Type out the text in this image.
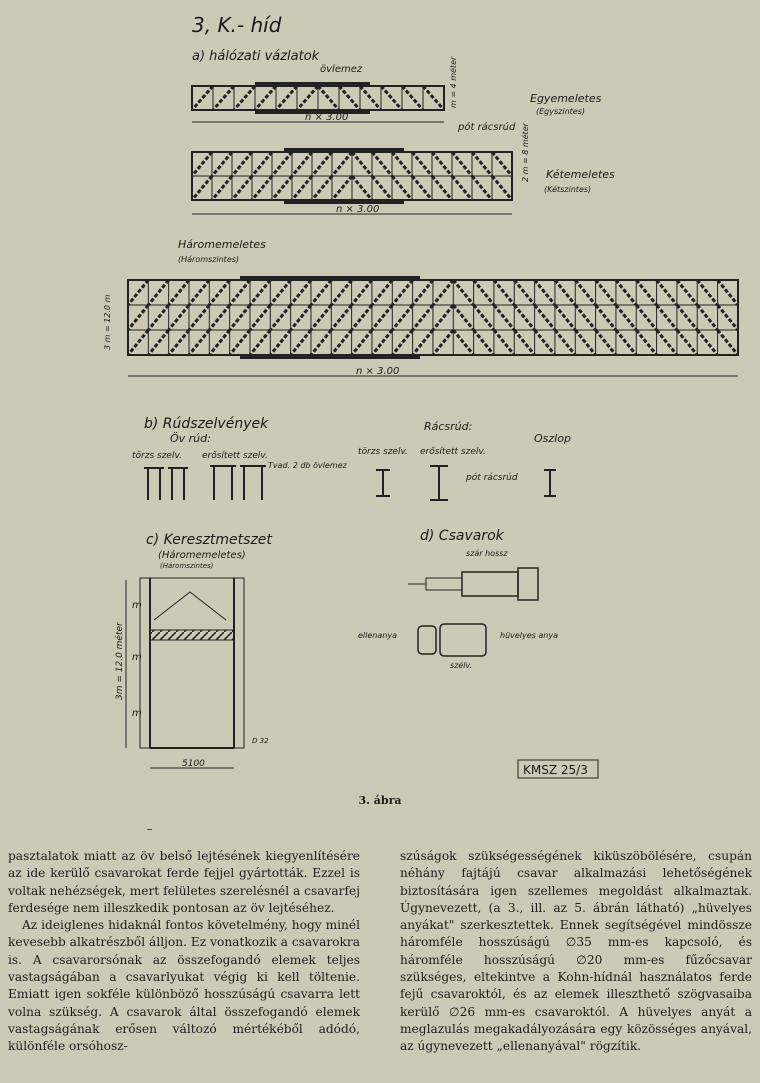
3, K.- híd
a) hálózati vázlatok
övlemez
Egyemeletes
(Egyszintes)
m = 4 méter
pót rácsrúd
n × 3.00
Kétemeletes
(Kétszintes)
2 m = 8 méter
n × 3.00
Háromemeletes
(Háromszintes)
3 m = 12.0 m
n × 3.00
b) Rúdszelvények
Öv rúd:
törzs szelv. erősített szelv.
Tvad. 2 db övlemez
Rácsrúd:
törzs szelv. erősített szelv.
pót rácsrúd
Oszlop
c) Keresztmetszet
(Háromemeletes)
(Háromszintes)
3m = 12.0 méter
m
m
m
D 32
5100
d) Csavarok
szár hossz
ellenanya	hüvelyes anya
szélv.
KMSZ 25/3
3. ábra

pasztalatok miatt az öv belső lejtésének kiegyenlítésére az ide kerülő csavarokat ferde fejjel gyártották. Ezzel is voltak nehézségek, mert felületes szerelésnél a csavarfej ferdesége nem illeszkedik pontosan az öv lejtéséhez.

Az ideiglenes hidaknál fontos követelmény, hogy minél kevesebb alkatrészből álljon. Ez vonatkozik a csavarokra is. A csavarorsónak az összefogandó elemek teljes vastagságában a csavarlyukat végig ki kell töltenie. Emiatt igen sokféle különböző hosszúságú csavarra lett volna szükség. A csavarok által összefogandó elemek vastagságának erősen változó mértékéből adódó, különféle orsóhosz-

szúságok szükségességének kiküszöbölésére, csupán néhány fajtájú csavar alkalmazási lehetőségének biztosítására igen szellemes megoldást alkalmaztak. Úgynevezett, (a 3., ill. az 5. ábrán látható) „hüvelyes anyákat" szerkesztettek. Ennek segítségével mindössze háromféle hosszúságú ∅35 mm-es kapcsoló, és háromféle hosszúságú ∅20 mm-es fűzőcsavar szükséges, eltekintve a Kohn-hídnál használatos ferde fejű csavaroktól, és az elemek illeszthető szögvasaiba kerülő ∅26 mm-es csavaroktól. A hüvelyes anyát a meglazulás megakadályozására egy közösséges anyával, az úgynevezett „ellenanyával" rögzítik.
